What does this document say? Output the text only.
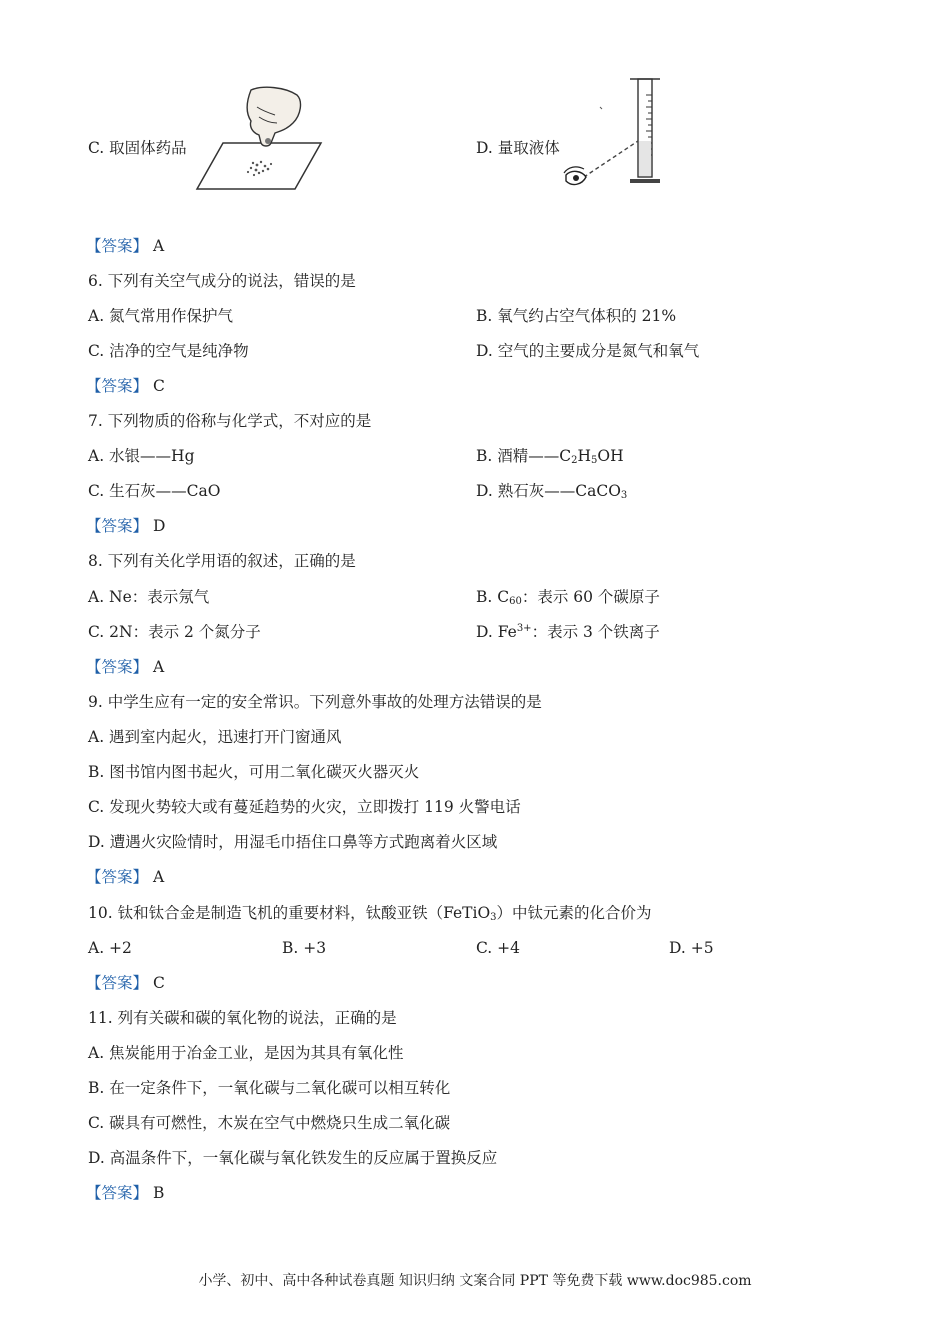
C. 取固体药品	D. 量取液体
【答案】 A
6. 下列有关空气成分的说法，错误的是
A. 氮气常用作保护气	B. 氧气约占空气体积的 21%
C. 洁净的空气是纯净物	D. 空气的主要成分是氮气和氧气
【答案】 C
7. 下列物质的俗称与化学式，不对应的是
A. 水银——Hg	B. 酒精$——C_2H_5OH$
C. 生石灰——CaO	D. 熟石灰——CaCO$_3$
【答案】 D
8. 下列有关化学用语的叙述，正确的是
A. Ne：表示氖气	B. $C_{60}$：表示 60 个碳原子
C. 2N：表示 2 个氮分子	D. $Fe^{3+}$：表示 3 个铁离子
【答案】 A
9. 中学生应有一定的安全常识。下列意外事故的处理方法错误的是
A. 遇到室内起火，迅速打开门窗通风
B. 图书馆内图书起火，可用二氧化碳灭火器灭火
C. 发现火势较大或有蔓延趋势的火灾，立即拨打 119 火警电话
D. 遭遇火灾险情时，用湿毛巾捂住口鼻等方式跑离着火区域
【答案】 A
10. 钛和钛合金是制造飞机的重要材料，钛酸亚铁（FeTiO$_3$）中钛元素的化合价为
A. +2	B. +3	C. +4	D. +5
【答案】 C
11. 列有关碳和碳的氧化物的说法，正确的是
A. 焦炭能用于冶金工业，是因为其具有氧化性
B. 在一定条件下，一氧化碳与二氧化碳可以相互转化
C. 碳具有可燃性，木炭在空气中燃烧只生成二氧化碳
D. 高温条件下，一氧化碳与氧化铁发生的反应属于置换反应
【答案】 B
小学、初中、高中各种试卷真题 知识归纳 文案合同 PPT 等免费下载 www.doc985.com
